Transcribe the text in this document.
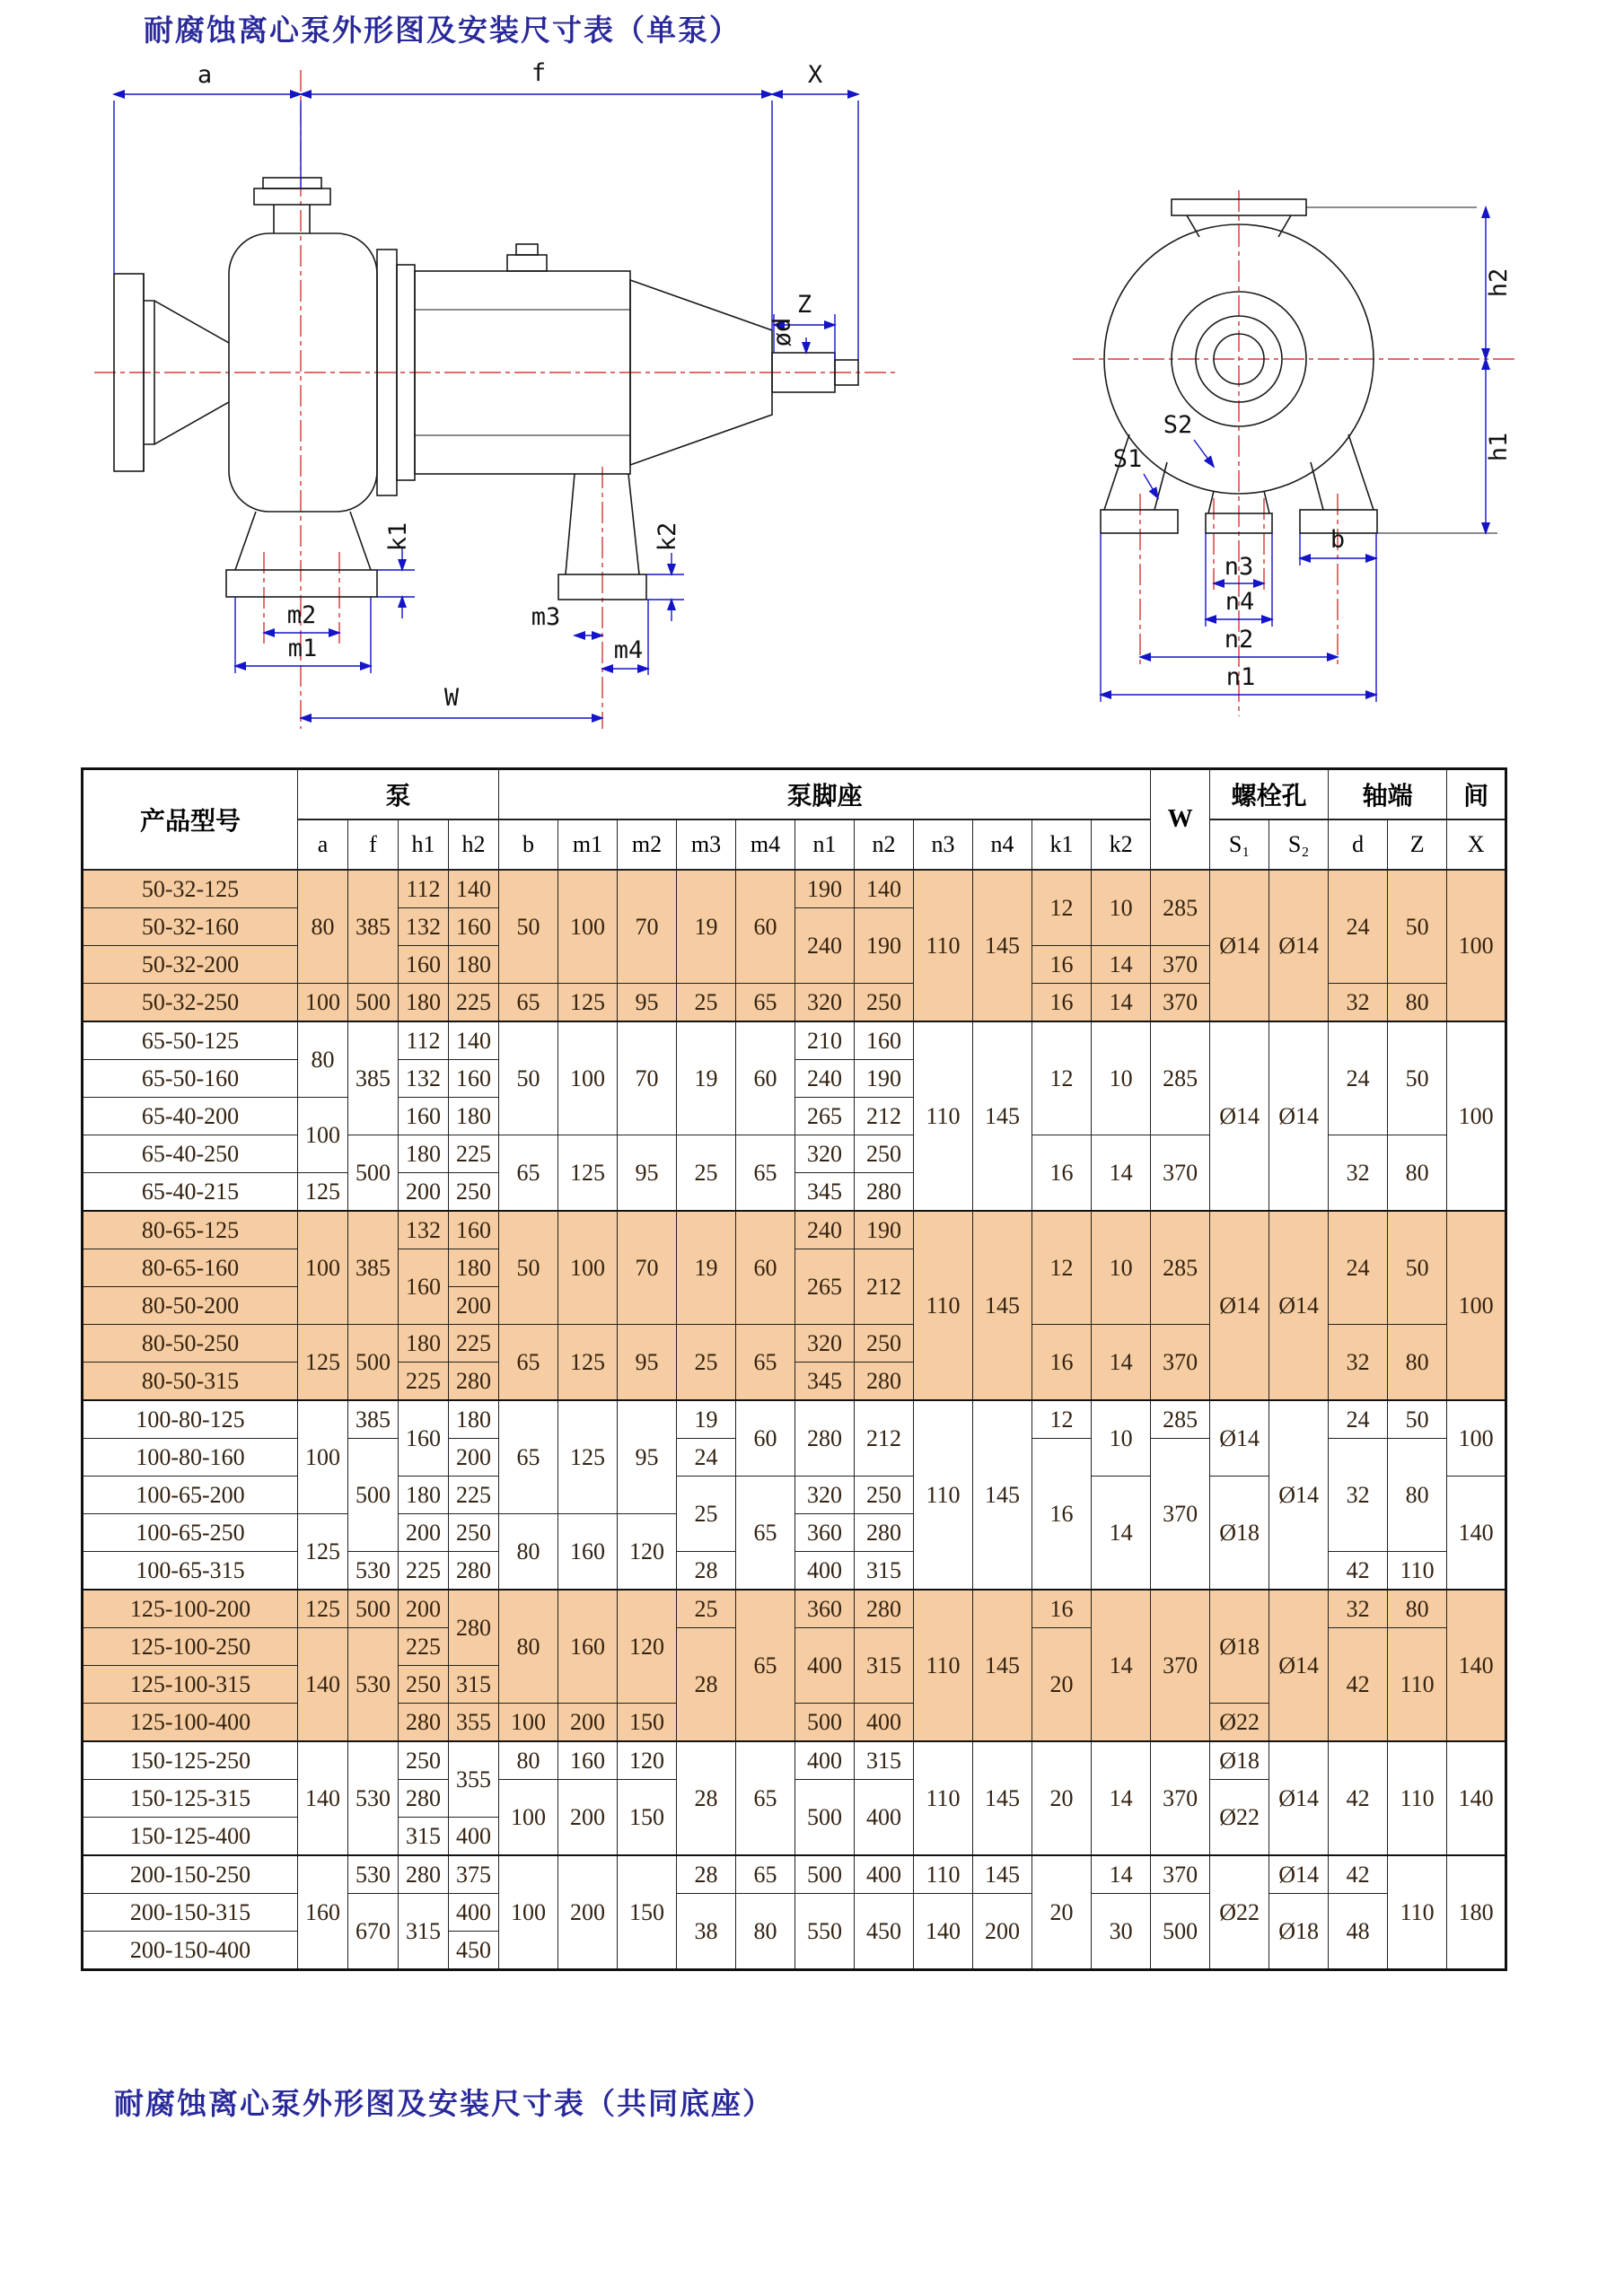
耐腐蚀离心泵外形图及安装尺寸表（单泵）
a	f	X
Z
ød
k1	k2
m2
m1
m3
m4
W
h2
h1
S2
S1
b
n3
n4
n2
n1
产品型号	泵				泵脚座											W	螺栓孔		轴端		间
	a	f	h1	h2	b	m1	m2	m3	m4	n1	n2	n3	n4	k1	k2		S₁	S₂	d	Z	X
50-32-125	80	385	112	140	50	100	70	19	60	190	140	110	145	12	10	285	Ø14	Ø14	24	50	100
50-32-160			132	160						240	190										
50-32-200			160	180										16	14	370					
50-32-250	100	500	180	225	65	125	95	25	65	320	250			16	14	370			32	80	
65-50-125	80	385	112	140	50	100	70	19	60	210	160	110	145	12	10	285	Ø14	Ø14	24	50	100
65-50-160			132	160						240	190										
65-40-200	100		160	180						265	212										
65-40-250		500	180	225	65	125	95	25	65	320	250			16	14	370			32	80	
65-40-215	125		200	250						345	280										
80-65-125	100	385	132	160	50	100	70	19	60	240	190	110	145	12	10	285	Ø14	Ø14	24	50	100
80-65-160			160	180						265	212										
80-50-200				200																	
80-50-250	125	500	180	225	65	125	95	25	65	320	250			16	14	370			32	80	
80-50-315			225	280						345	280										
100-80-125	100	385	160	180	65	125	95	19	60	280	212	110	145	12	10	285	Ø14	Ø14	24	50	100
100-80-160		500		200				24						16		370			32	80	
100-65-200			180	225				25	65	320	250				14		Ø18				140
100-65-250	125		200	250	80	160	120			360	280										
100-65-315		530	225	280				28		400	315								42	110	
125-100-200	125	500	200	280	80	160	120	25	65	360	280	110	145	16	14	370	Ø18	Ø14	32	80	140
125-100-250	140	530	225					28		400	315			20					42	110	
125-100-315			250	315																	
125-100-400			280	355	100	200	150			500	400						Ø22				
150-125-250	140	530	250	355	80	160	120	28	65	400	315	110	145	20	14	370	Ø18	Ø14	42	110	140
150-125-315			280		100	200	150			500	400						Ø22				
150-125-400			315	400																	
200-150-250	160	530	280	375	100	200	150	28	65	500	400	110	145	20	14	370	Ø22	Ø14	42	110	180
200-150-315		670	315	400				38	80	550	450	140	200		30	500		Ø18	48		
200-150-400				450																	
耐腐蚀离心泵外形图及安装尺寸表（共同底座）
